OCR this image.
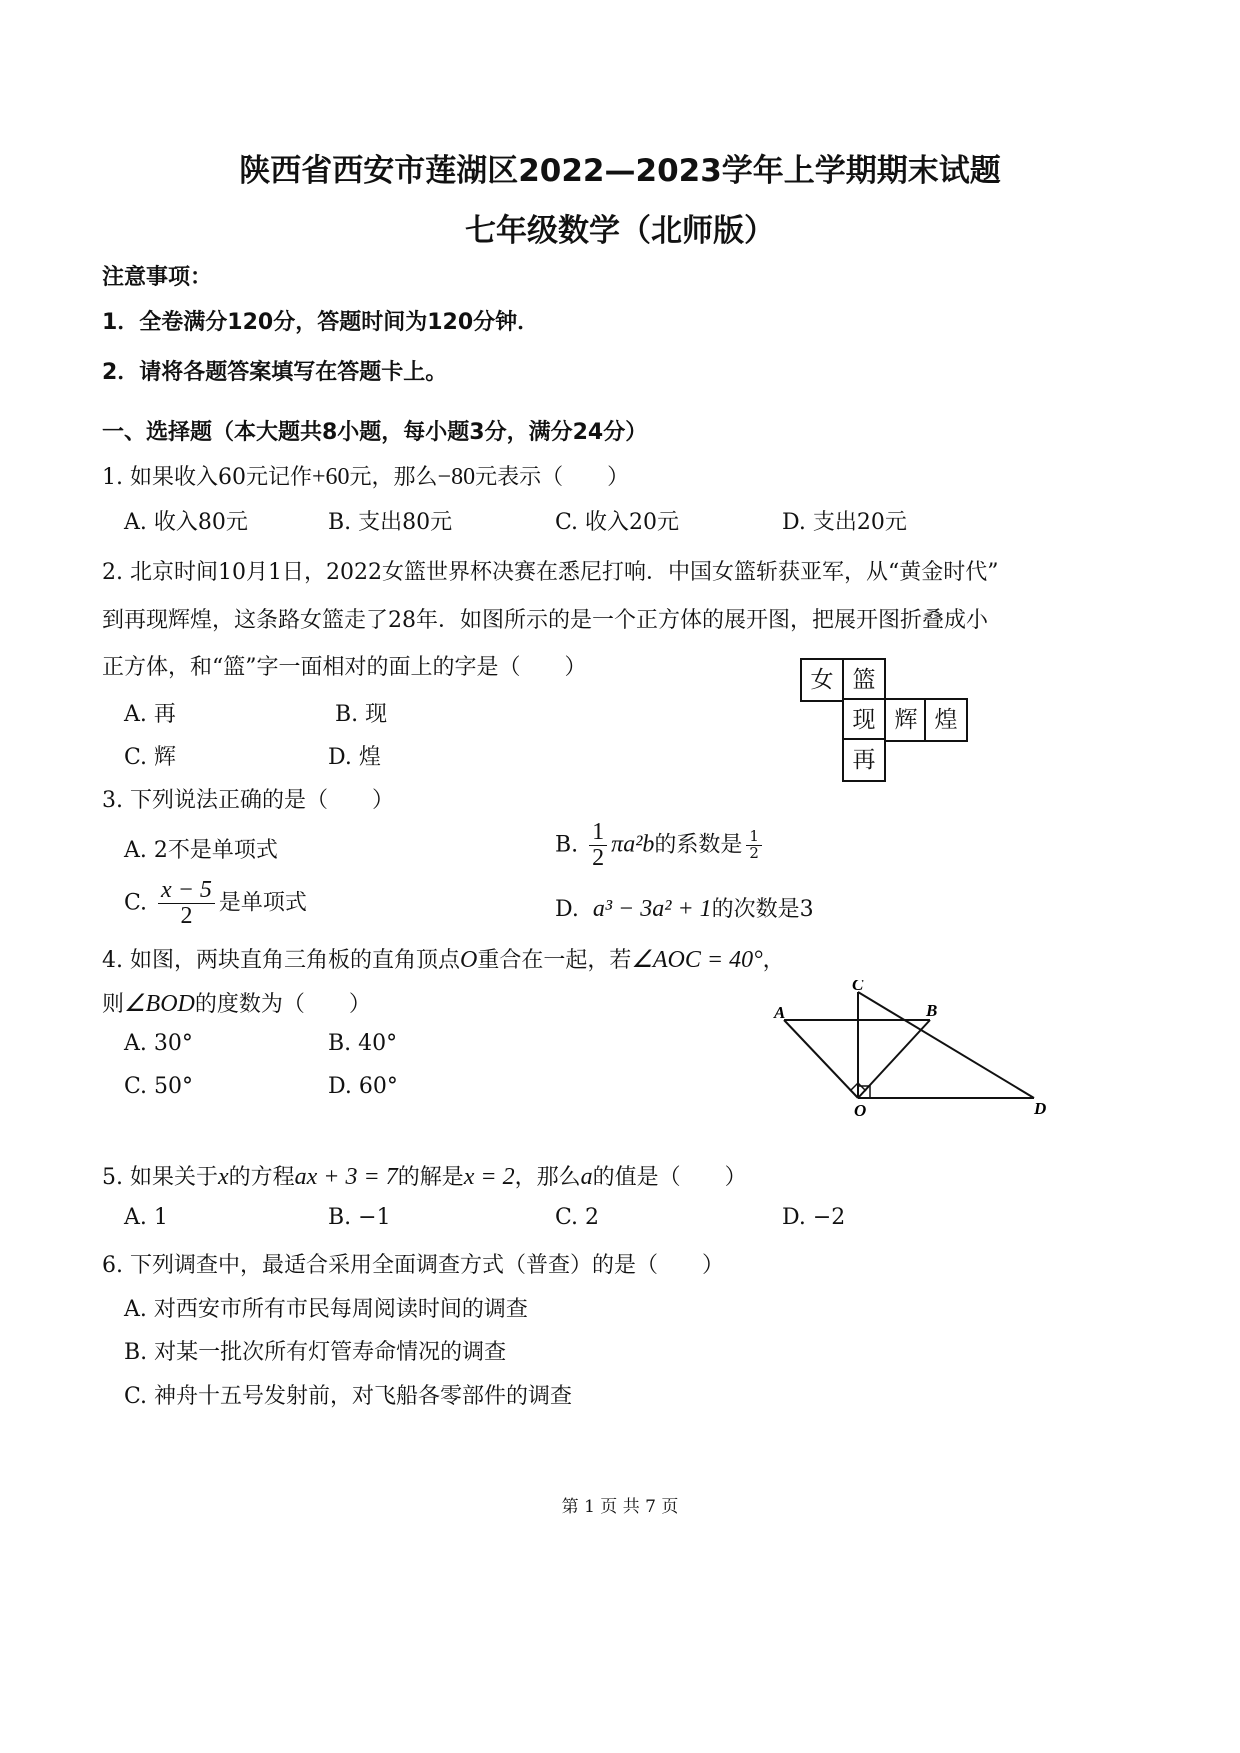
陕西省西安市莲湖区2022—2023学年上学期期末试题
七年级数学（北师版）
注意事项：
1．全卷满分120分，答题时间为120分钟．
2．请将各题答案填写在答题卡上。
一、选择题（本大题共8小题，每小题3分，满分24分）
1. 如果收入60元记作+60元，那么−80元表示（　　）
A. 收入80元	B. 支出80元	C. 收入20元	D. 支出20元
2. 北京时间10月1日，2022女篮世界杯决赛在悉尼打响．中国女篮斩获亚军，从“黄金时代”
到再现辉煌，这条路女篮走了28年．如图所示的是一个正方体的展开图，把展开图折叠成小
正方体，和“篮”字一面相对的面上的字是（　　）
A. 再	B. 现
C. 辉	D. 煌
女 篮
现 辉 煌
再
3. 下列说法正确的是（　　）
A. 2不是单项式	B. $\frac{1}{2} \pi a^2b$的系数是 $\frac{1}{2}$
C. $\frac{x - 5}{2}$ 是单项式	D. a³ − 3a² + 1的次数是3
4. 如图，两块直角三角板的直角顶点O重合在一起，若∠AOC = 40°，
则∠BOD的度数为（　　）
A. 30°	B. 40°
C. 50°	D. 60°
A
C
B
O	D
5. 如果关于x的方程ax + 3 = 7的解是x = 2，那么a的值是（　　）
A. 1	B. −1	C. 2	D. −2
6. 下列调查中，最适合采用全面调查方式（普查）的是（　　）
A. 对西安市所有市民每周阅读时间的调查
B. 对某一批次所有灯管寿命情况的调查
C. 神舟十五号发射前，对飞船各零部件的调查
第 1 页 共 7 页
